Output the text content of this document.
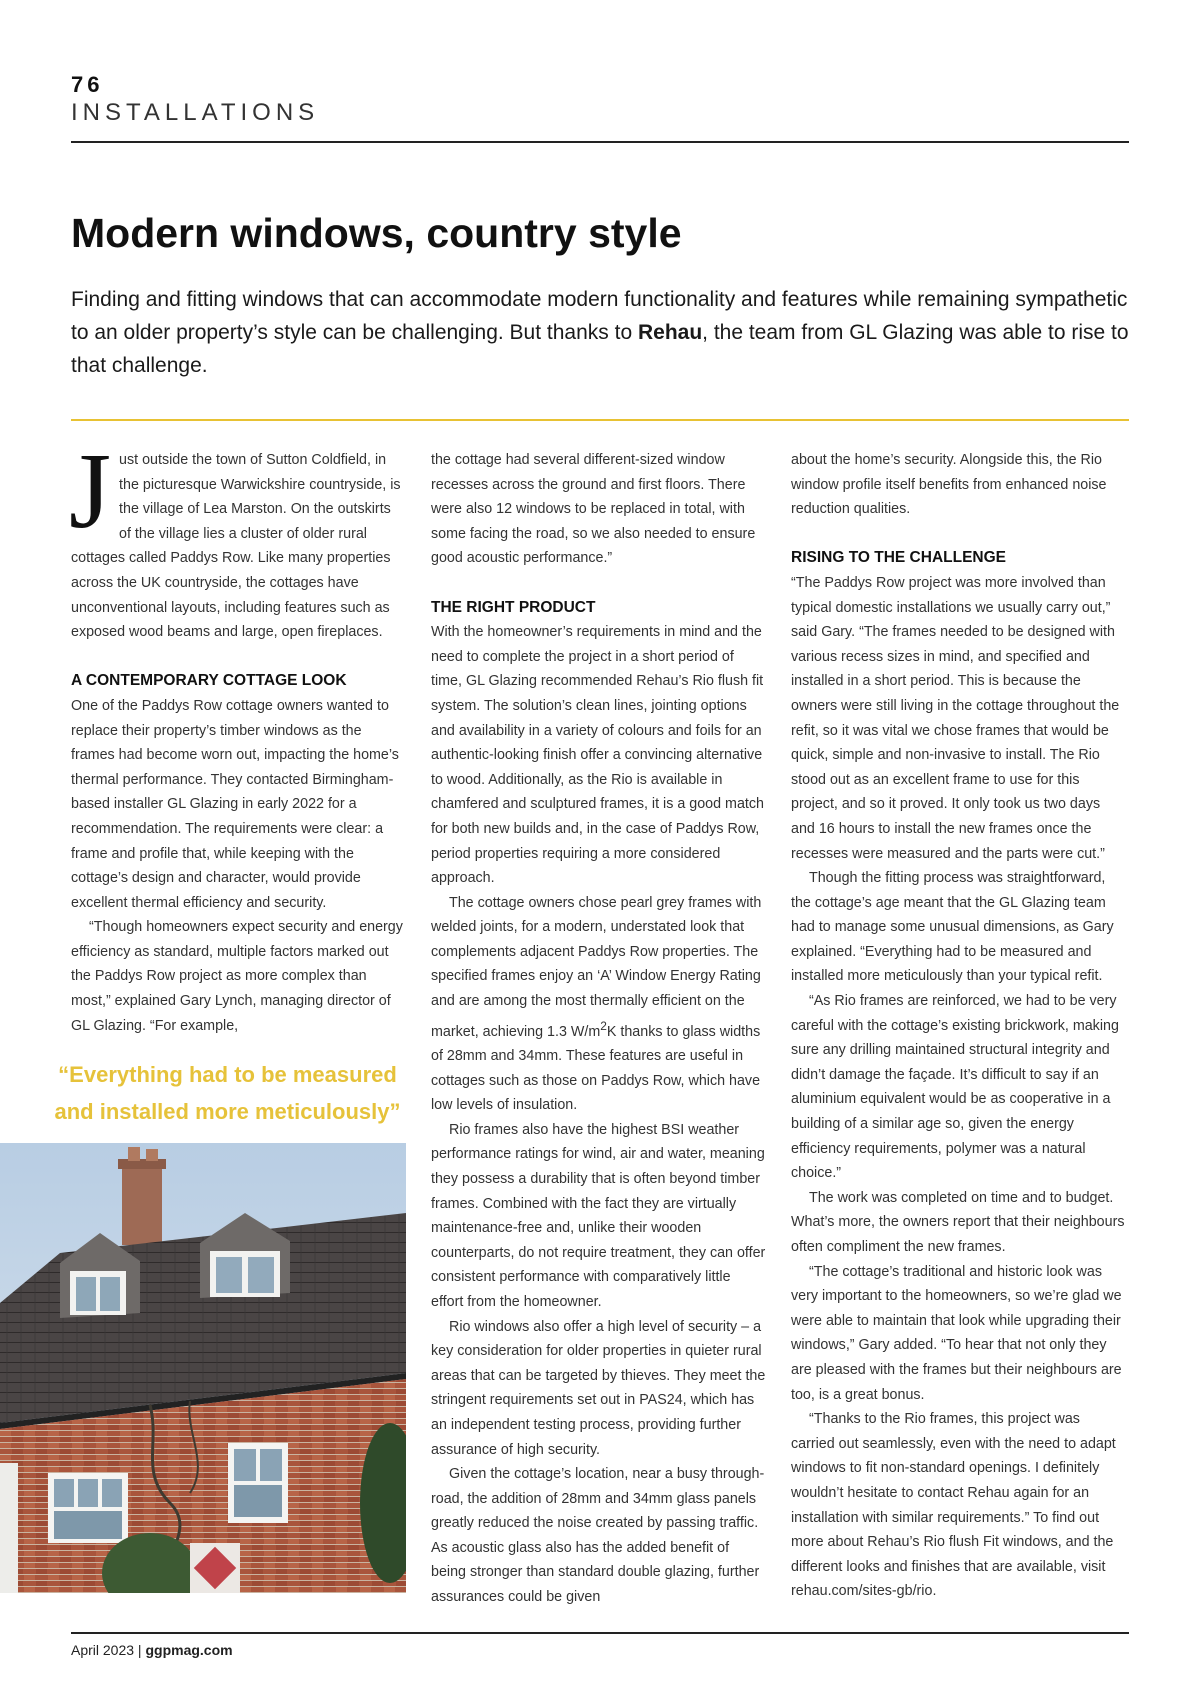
76
INSTALLATIONS
Modern windows, country style

Finding and fitting windows that can accommodate modern functionality and features while remaining sympathetic to an older property’s style can be challenging. But thanks to Rehau, the team from GL Glazing was able to rise to that challenge.

Just outside the town of Sutton Coldfield, in the picturesque Warwickshire countryside, is the village of Lea Marston. On the outskirts of the village lies a cluster of older rural cottages called Paddys Row. Like many properties across the UK countryside, the cottages have unconventional layouts, including features such as exposed wood beams and large, open fireplaces.

A CONTEMPORARY COTTAGE LOOK

One of the Paddys Row cottage owners wanted to replace their property’s timber windows as the frames had become worn out, impacting the home’s thermal performance. They contacted Birmingham-based installer GL Glazing in early 2022 for a recommendation. The requirements were clear: a frame and profile that, while keeping with the cottage’s design and character, would provide excellent thermal efficiency and security.

“Though homeowners expect security and energy efficiency as standard, multiple factors marked out the Paddys Row project as more complex than most,” explained Gary Lynch, managing director of GL Glazing. “For example,

“Everything had to be measured and installed more meticulously”

the cottage had several different-sized window recesses across the ground and first floors. There were also 12 windows to be replaced in total, with some facing the road, so we also needed to ensure good acoustic performance.”

THE RIGHT PRODUCT

With the homeowner’s requirements in mind and the need to complete the project in a short period of time, GL Glazing recommended Rehau’s Rio flush fit system. The solution’s clean lines, jointing options and availability in a variety of colours and foils for an authentic-looking finish offer a convincing alternative to wood. Additionally, as the Rio is available in chamfered and sculptured frames, it is a good match for both new builds and, in the case of Paddys Row, period properties requiring a more considered approach.

The cottage owners chose pearl grey frames with welded joints, for a modern, understated look that complements adjacent Paddys Row properties. The specified frames enjoy an ‘A’ Window Energy Rating and are among the most thermally efficient on the market, achieving 1.3 $W/m^2K$ thanks to glass widths of 28mm and 34mm. These features are useful in cottages such as those on Paddys Row, which have low levels of insulation.

Rio frames also have the highest BSI weather performance ratings for wind, air and water, meaning they possess a durability that is often beyond timber frames. Combined with the fact they are virtually maintenance-free and, unlike their wooden counterparts, do not require treatment, they can offer consistent performance with comparatively little effort from the homeowner.

Rio windows also offer a high level of security – a key consideration for older properties in quieter rural areas that can be targeted by thieves. They meet the stringent requirements set out in PAS24, which has an independent testing process, providing further assurance of high security.

Given the cottage’s location, near a busy through-road, the addition of 28mm and 34mm glass panels greatly reduced the noise created by passing traffic. As acoustic glass also has the added benefit of being stronger than standard double glazing, further assurances could be given

about the home’s security. Alongside this, the Rio window profile itself benefits from enhanced noise reduction qualities.

RISING TO THE CHALLENGE

“The Paddys Row project was more involved than typical domestic installations we usually carry out,” said Gary. “The frames needed to be designed with various recess sizes in mind, and specified and installed in a short period. This is because the owners were still living in the cottage throughout the refit, so it was vital we chose frames that would be quick, simple and non-invasive to install. The Rio stood out as an excellent frame to use for this project, and so it proved. It only took us two days and 16 hours to install the new frames once the recesses were measured and the parts were cut.”

Though the fitting process was straightforward, the cottage’s age meant that the GL Glazing team had to manage some unusual dimensions, as Gary explained. “Everything had to be measured and installed more meticulously than your typical refit.

“As Rio frames are reinforced, we had to be very careful with the cottage’s existing brickwork, making sure any drilling maintained structural integrity and didn’t damage the façade. It’s difficult to say if an aluminium equivalent would be as cooperative in a building of a similar age so, given the energy efficiency requirements, polymer was a natural choice.”

The work was completed on time and to budget. What’s more, the owners report that their neighbours often compliment the new frames.

“The cottage’s traditional and historic look was very important to the homeowners, so we’re glad we were able to maintain that look while upgrading their windows,” Gary added. “To hear that not only they are pleased with the frames but their neighbours are too, is a great bonus.

“Thanks to the Rio frames, this project was carried out seamlessly, even with the need to adapt windows to fit non-standard openings. I definitely wouldn’t hesitate to contact Rehau again for an installation with similar requirements.” To find out more about Rehau’s Rio flush Fit windows, and the different looks and finishes that are available, visit rehau.com/sites-gb/rio.

April 2023 | ggpmag.com
